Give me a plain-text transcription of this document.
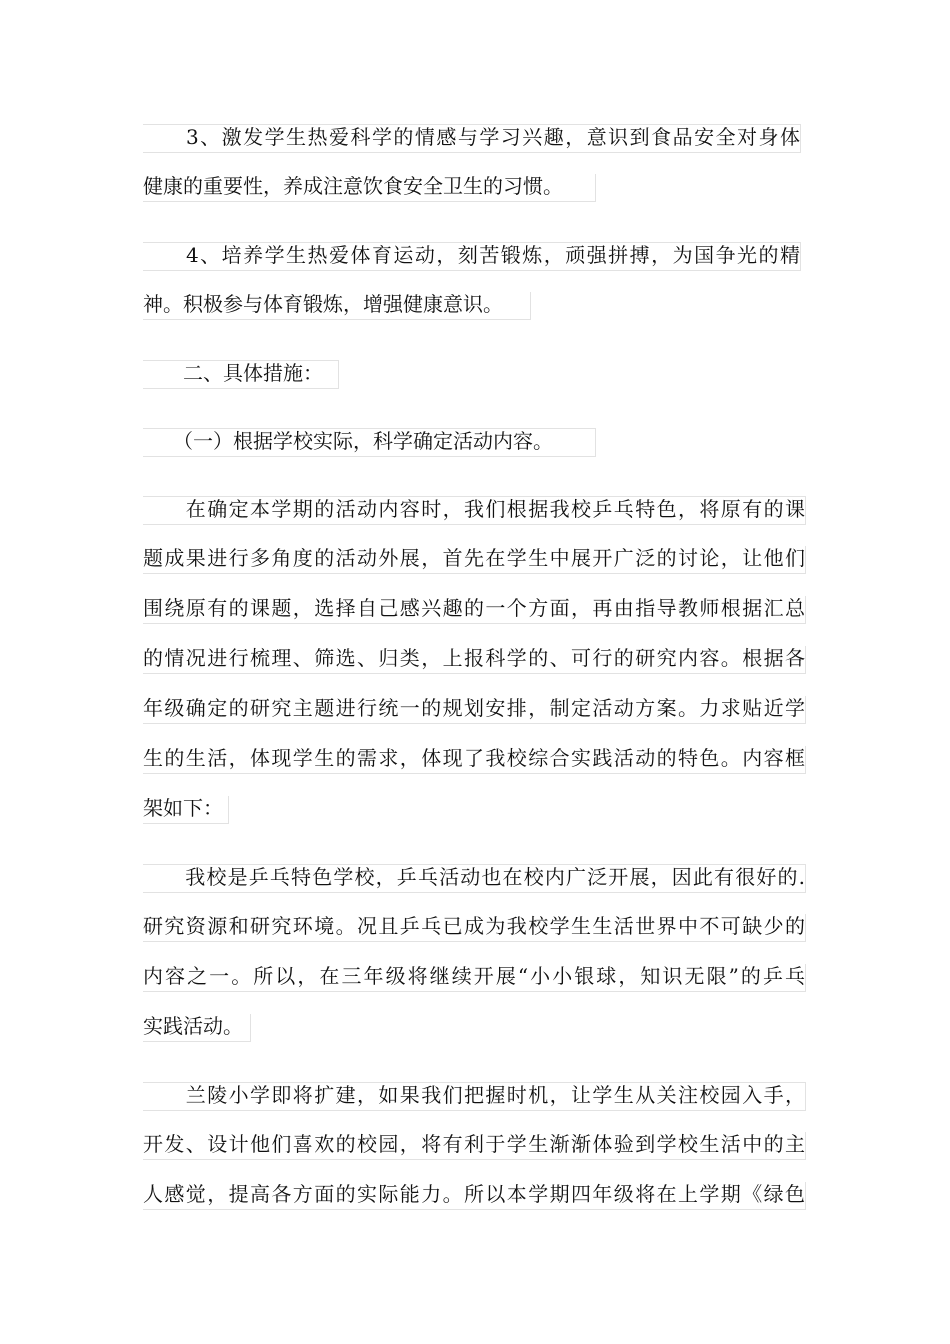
　　3、激发学生热爱科学的情感与学习兴趣，意识到食品安全对身体
健康的重要性，养成注意饮食安全卫生的习惯。
　　4、培养学生热爱体育运动，刻苦锻炼，顽强拼搏，为国争光的精
神。积极参与体育锻炼，增强健康意识。
　　二、具体措施：
　　（一）根据学校实际，科学确定活动内容。
　　在确定本学期的活动内容时，我们根据我校乒乓特色，将原有的课
题成果进行多角度的活动外展，首先在学生中展开广泛的讨论，让他们
围绕原有的课题，选择自己感兴趣的一个方面，再由指导教师根据汇总
的情况进行梳理、筛选、归类，上报科学的、可行的研究内容。根据各
年级确定的研究主题进行统一的规划安排，制定活动方案。力求贴近学
生的生活，体现学生的需求，体现了我校综合实践活动的特色。内容框
架如下：
　　我校是乒乓特色学校，乒乓活动也在校内广泛开展，因此有很好的.
研究资源和研究环境。况且乒乓已成为我校学生生活世界中不可缺少的
内容之一。所以，在三年级将继续开展“小小银球，知识无限”的乒乓
实践活动。
　　兰陵小学即将扩建，如果我们把握时机，让学生从关注校园入手，
开发、设计他们喜欢的校园，将有利于学生渐渐体验到学校生活中的主
人感觉，提高各方面的实际能力。所以本学期四年级将在上学期《绿色
